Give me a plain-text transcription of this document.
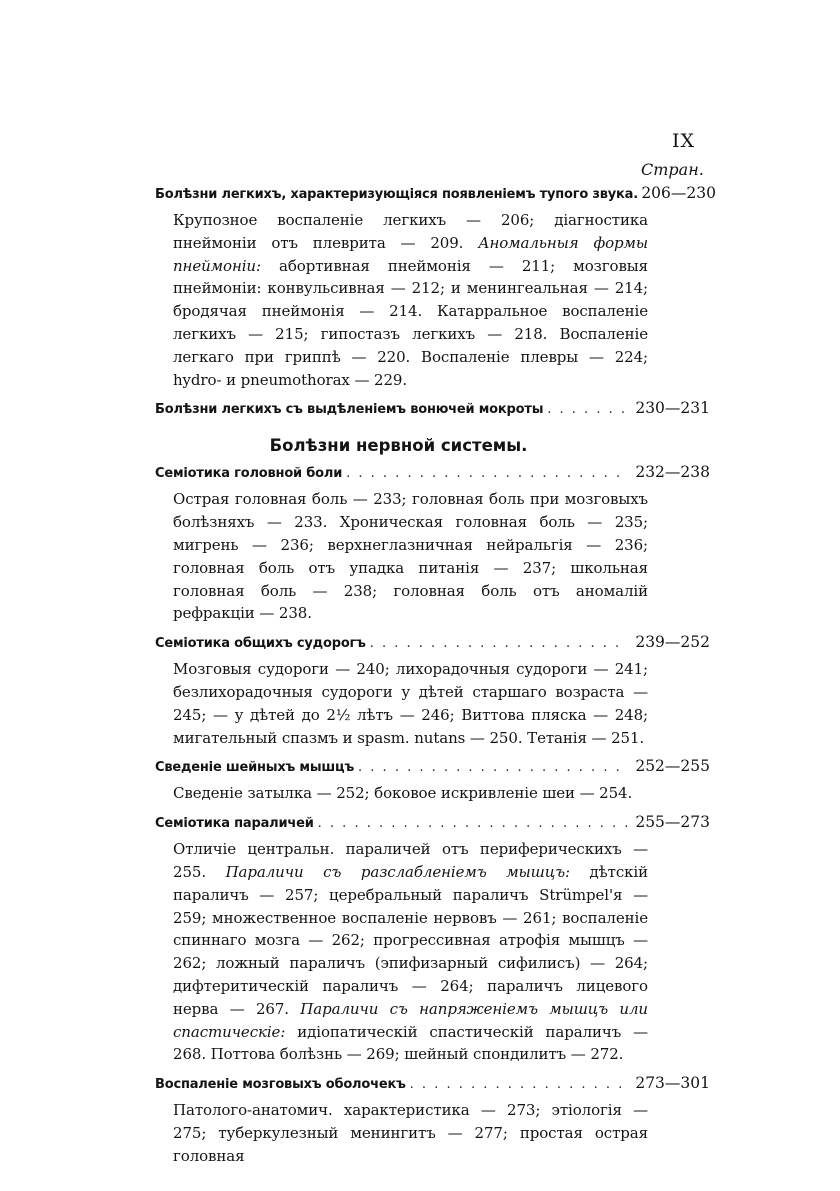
IX
Стран.
Болѣзни легкихъ, характеризующіяся появленіемъ тупого звука. 206—230
Крупозное воспаленіе легкихъ — 206; діагностика пнеймоніи отъ плеврита — 209. Аномальныя формы пнеймоніи: абортивная пнеймонія — 211; мозговыя пнеймоніи: конвульсивная — 212; и менингеальная — 214; бродячая пнеймонія — 214. Катарральное воспаленіе легкихъ — 215; гипостазъ легкихъ — 218. Воспаленіе легкаго при гриппѣ — 220. Воспаленіе плевры — 224; hydro- и pneumothorax — 229.
Болѣзни легкихъ съ выдѣленіемъ вонючей мокроты . . .	230—231
Болѣзни нервной системы.
Семіотика головной боли . . .	232—238
Острая головная боль — 233; головная боль при мозговыхъ болѣзняхъ — 233. Хроническая головная боль — 235; мигрень — 236; верхнеглазничная нейральгія — 236; головная боль отъ упадка питанія — 237; школьная головная боль — 238; головная боль отъ аномалій рефракціи — 238.
Семіотика общихъ судорогъ . . .	239—252
Мозговыя судороги — 240; лихорадочныя судороги — 241; безлихорадочныя судороги у дѣтей старшаго возраста — 245; — у дѣтей до 2½ лѣтъ — 246; Виттова пляска — 248; мигательный спазмъ и spasm. nutans — 250. Тетанія — 251.
Сведеніе шейныхъ мышцъ . . .	252—255
Сведеніе затылка — 252; боковое искривленіе шеи — 254.
Семіотика параличей . . .	255—273
Отличіе центральн. параличей отъ периферическихъ — 255. Параличи съ разслабленіемъ мышцъ: дѣтскій параличъ — 257; церебральный параличъ Strümpel'я — 259; множественное воспаленіе нервовъ — 261; воспаленіе спиннаго мозга — 262; прогрессивная атрофія мышцъ — 262; ложный параличъ (эпифизарный сифилисъ) — 264; дифтеритическій параличъ — 264; параличъ лицевого нерва — 267. Параличи съ напряженіемъ мышцъ или спастическіе: идіопатическій спастическій параличъ — 268. Поттова болѣзнь — 269; шейный спондилитъ — 272.
Воспаленіе мозговыхъ оболочекъ . . .	273—301
Патолого-анатомич. характеристика — 273; этіологія — 275; туберкулезный менингитъ — 277; простая острая головная
